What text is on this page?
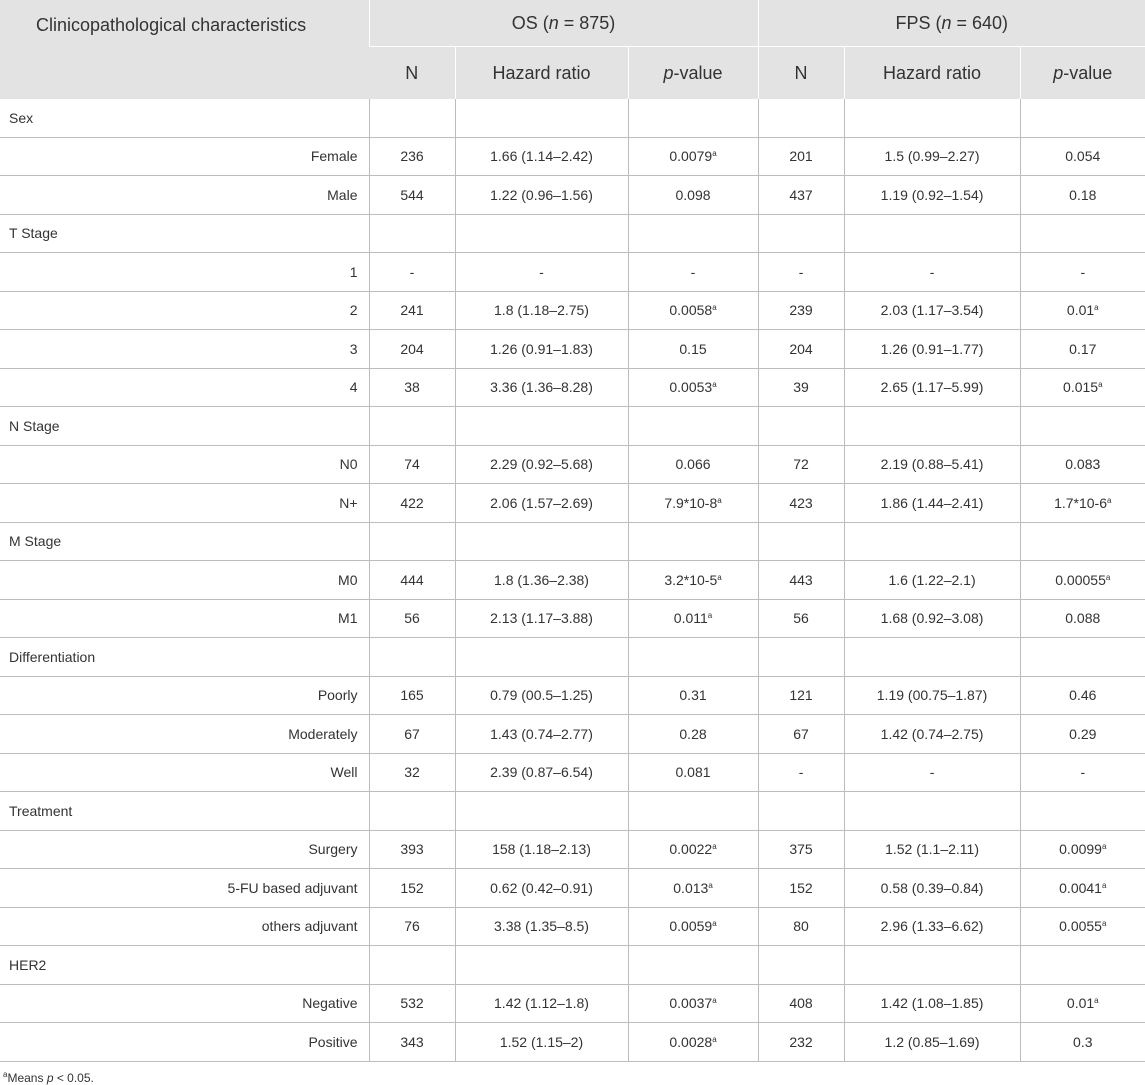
Clinicopathological characteristics	OS (n = 875)			FPS (n = 640)		
	N	Hazard ratio	p-value	N	Hazard ratio	p-value
Sex						
Female	236	1.66 (1.14–2.42)	0.0079$^a$	201	1.5 (0.99–2.27)	0.054
Male	544	1.22 (0.96–1.56)	0.098	437	1.19 (0.92–1.54)	0.18
T Stage						
1	-	-	-	-	-	-
2	241	1.8 (1.18–2.75)	0.0058$^a$	239	2.03 (1.17–3.54)	0.01$^a$
3	204	1.26 (0.91–1.83)	0.15	204	1.26 (0.91–1.77)	0.17
4	38	3.36 (1.36–8.28)	0.0053$^a$	39	2.65 (1.17–5.99)	0.015$^a$
N Stage						
N0	74	2.29 (0.92–5.68)	0.066	72	2.19 (0.88–5.41)	0.083
N+	422	2.06 (1.57–2.69)	7.9*10-8$^a$	423	1.86 (1.44–2.41)	1.7*10-6$^a$
M Stage						
M0	444	1.8 (1.36–2.38)	3.2*10-5$^a$	443	1.6 (1.22–2.1)	0.00055$^a$
M1	56	2.13 (1.17–3.88)	0.011$^a$	56	1.68 (0.92–3.08)	0.088
Differentiation						
Poorly	165	0.79 (00.5–1.25)	0.31	121	1.19 (00.75–1.87)	0.46
Moderately	67	1.43 (0.74–2.77)	0.28	67	1.42 (0.74–2.75)	0.29
Well	32	2.39 (0.87–6.54)	0.081	-	-	-
Treatment						
Surgery	393	158 (1.18–2.13)	0.0022$^a$	375	1.52 (1.1–2.11)	0.0099$^a$
5-FU based adjuvant	152	0.62 (0.42–0.91)	0.013$^a$	152	0.58 (0.39–0.84)	0.0041$^a$
others adjuvant	76	3.38 (1.35–8.5)	0.0059$^a$	80	2.96 (1.33–6.62)	0.0055$^a$
HER2						
Negative	532	1.42 (1.12–1.8)	0.0037$^a$	408	1.42 (1.08–1.85)	0.01$^a$
Positive	343	1.52 (1.15–2)	0.0028$^a$	232	1.2 (0.85–1.69)	0.3
$^a$Means p < 0.05.
